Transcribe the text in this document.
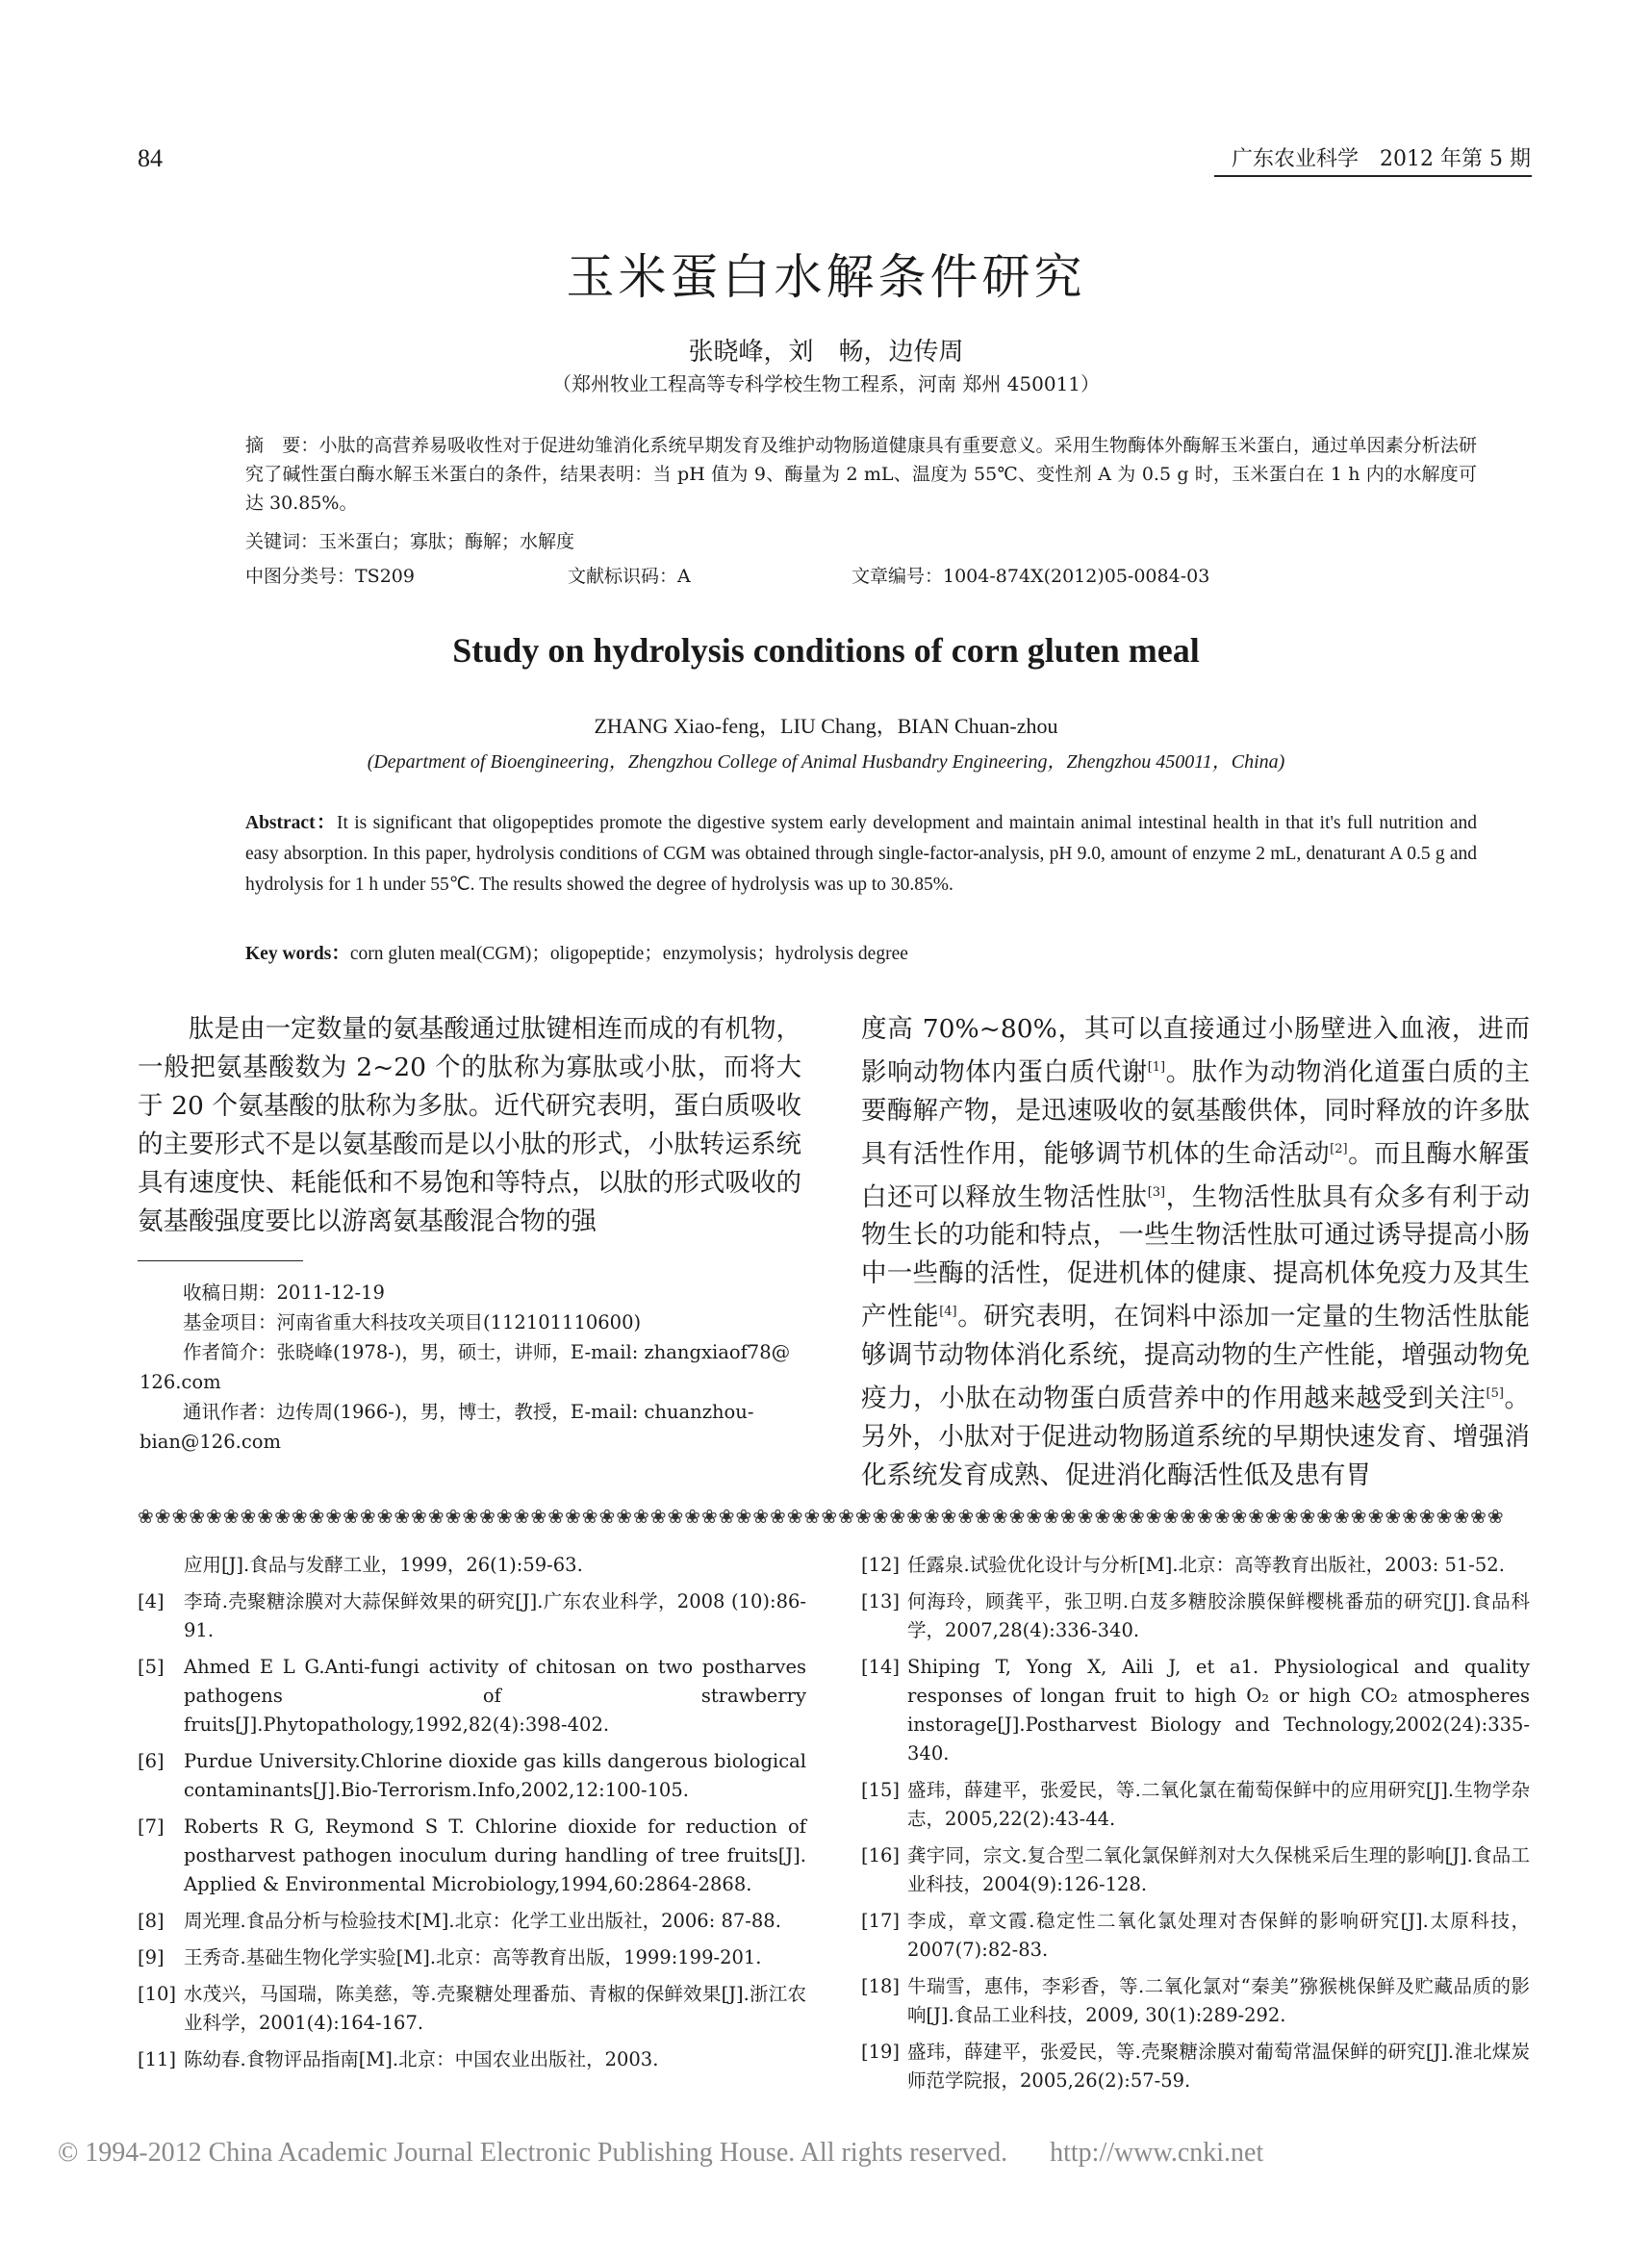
84	广东农业科学　2012 年第 5 期
玉米蛋白水解条件研究
张晓峰，刘　畅，边传周
（郑州牧业工程高等专科学校生物工程系，河南 郑州 450011）
摘　要：小肽的高营养易吸收性对于促进幼雏消化系统早期发育及维护动物肠道健康具有重要意义。采用生物酶体外酶解玉米蛋白，通过单因素分析法研究了碱性蛋白酶水解玉米蛋白的条件，结果表明：当 pH 值为 9、酶量为 2 mL、温度为 55℃、变性剂 A 为 0.5 g 时，玉米蛋白在 1 h 内的水解度可达 30.85%。
关键词：玉米蛋白；寡肽；酶解；水解度
中图分类号：TS209	文献标识码：A	文章编号：1004-874X(2012)05-0084-03
Study on hydrolysis conditions of corn gluten meal
ZHANG Xiao-feng，LIU Chang，BIAN Chuan-zhou
(Department of Bioengineering，Zhengzhou College of Animal Husbandry Engineering，Zhengzhou 450011，China)
Abstract：It is significant that oligopeptides promote the digestive system early development and maintain animal intestinal health in that it's full nutrition and easy absorption. In this paper, hydrolysis conditions of CGM was obtained through single-factor-analysis, pH 9.0, amount of enzyme 2 mL, denaturant A 0.5 g and hydrolysis for 1 h under 55℃. The results showed the degree of hydrolysis was up to 30.85%.
Key words：corn gluten meal(CGM)；oligopeptide；enzymolysis；hydrolysis degree
肽是由一定数量的氨基酸通过肽键相连而成的有机物，一般把氨基酸数为 2~20 个的肽称为寡肽或小肽，而将大于 20 个氨基酸的肽称为多肽。近代研究表明，蛋白质吸收的主要形式不是以氨基酸而是以小肽的形式，小肽转运系统具有速度快、耗能低和不易饱和等特点，以肽的形式吸收的氨基酸强度要比以游离氨基酸混合物的强
度高 70%~80%，其可以直接通过小肠壁进入血液，进而影响动物体内蛋白质代谢[1]。肽作为动物消化道蛋白质的主要酶解产物，是迅速吸收的氨基酸供体，同时释放的许多肽具有活性作用，能够调节机体的生命活动[2]。而且酶水解蛋白还可以释放生物活性肽[3]，生物活性肽具有众多有利于动物生长的功能和特点，一些生物活性肽可通过诱导提高小肠中一些酶的活性，促进机体的健康、提高机体免疫力及其生产性能[4]。研究表明，在饲料中添加一定量的生物活性肽能够调节动物体消化系统，提高动物的生产性能，增强动物免疫力，小肽在动物蛋白质营养中的作用越来越受到关注[5]。另外，小肽对于促进动物肠道系统的早期快速发育、增强消化系统发育成熟、促进消化酶活性低及患有胃
收稿日期：2011-12-19
基金项目：河南省重大科技攻关项目(112101110600)
作者简介：张晓峰(1978-)，男，硕士，讲师，E-mail: zhangxiaof78@
126.com
通讯作者：边传周(1966-)，男，博士，教授，E-mail: chuanzhou-
bian@126.com
❀❀❀❀❀❀❀❀❀❀❀❀❀❀❀❀❀❀❀❀❀❀❀❀❀❀❀❀❀❀❀❀❀❀❀❀❀❀❀❀❀❀❀❀❀❀❀❀❀❀❀❀❀❀❀❀❀❀❀❀❀❀❀❀❀❀❀❀❀❀❀❀❀❀❀❀❀❀❀❀
应用[J].食品与发酵工业，1999，26(1):59-63.
[4] 李琦.壳聚糖涂膜对大蒜保鲜效果的研究[J].广东农业科学，2008 (10):86-91.
[5] Ahmed E L G.Anti-fungi activity of chitosan on two postharves pathogens of strawberry fruits[J].Phytopathology,1992,82(4):398-402.
[6] Purdue University.Chlorine dioxide gas kills dangerous biological contaminants[J].Bio-Terrorism.Info,2002,12:100-105.
[7] Roberts R G, Reymond S T. Chlorine dioxide for reduction of postharvest pathogen inoculum during handling of tree fruits[J]. Applied & Environmental Microbiology,1994,60:2864-2868.
[8] 周光理.食品分析与检验技术[M].北京：化学工业出版社，2006: 87-88.
[9] 王秀奇.基础生物化学实验[M].北京：高等教育出版，1999:199-201.
[10] 水茂兴，马国瑞，陈美慈，等.壳聚糖处理番茄、青椒的保鲜效果[J].浙江农业科学，2001(4):164-167.
[11] 陈幼春.食物评品指南[M].北京：中国农业出版社，2003.
[12] 任露泉.试验优化设计与分析[M].北京：高等教育出版社，2003: 51-52.
[13] 何海玲，顾龚平，张卫明.白芨多糖胶涂膜保鲜樱桃番茄的研究[J].食品科学，2007,28(4):336-340.
[14] Shiping T, Yong X, Aili J, et a1. Physiological and quality responses of longan fruit to high O₂ or high CO₂ atmospheres instorage[J].Postharvest Biology and Technology,2002(24):335-340.
[15] 盛玮，薛建平，张爱民，等.二氧化氯在葡萄保鲜中的应用研究[J].生物学杂志，2005,22(2):43-44.
[16] 龚宇同，宗文.复合型二氧化氯保鲜剂对大久保桃采后生理的影响[J].食品工业科技，2004(9):126-128.
[17] 李成，章文霞.稳定性二氧化氯处理对杏保鲜的影响研究[J].太原科技，2007(7):82-83.
[18] 牛瑞雪，惠伟，李彩香，等.二氧化氯对“秦美”猕猴桃保鲜及贮藏品质的影响[J].食品工业科技，2009, 30(1):289-292.
[19] 盛玮，薛建平，张爱民，等.壳聚糖涂膜对葡萄常温保鲜的研究[J].淮北煤炭师范学院报，2005,26(2):57-59.
© 1994-2012 China Academic Journal Electronic Publishing House. All rights reserved. http://www.cnki.net
